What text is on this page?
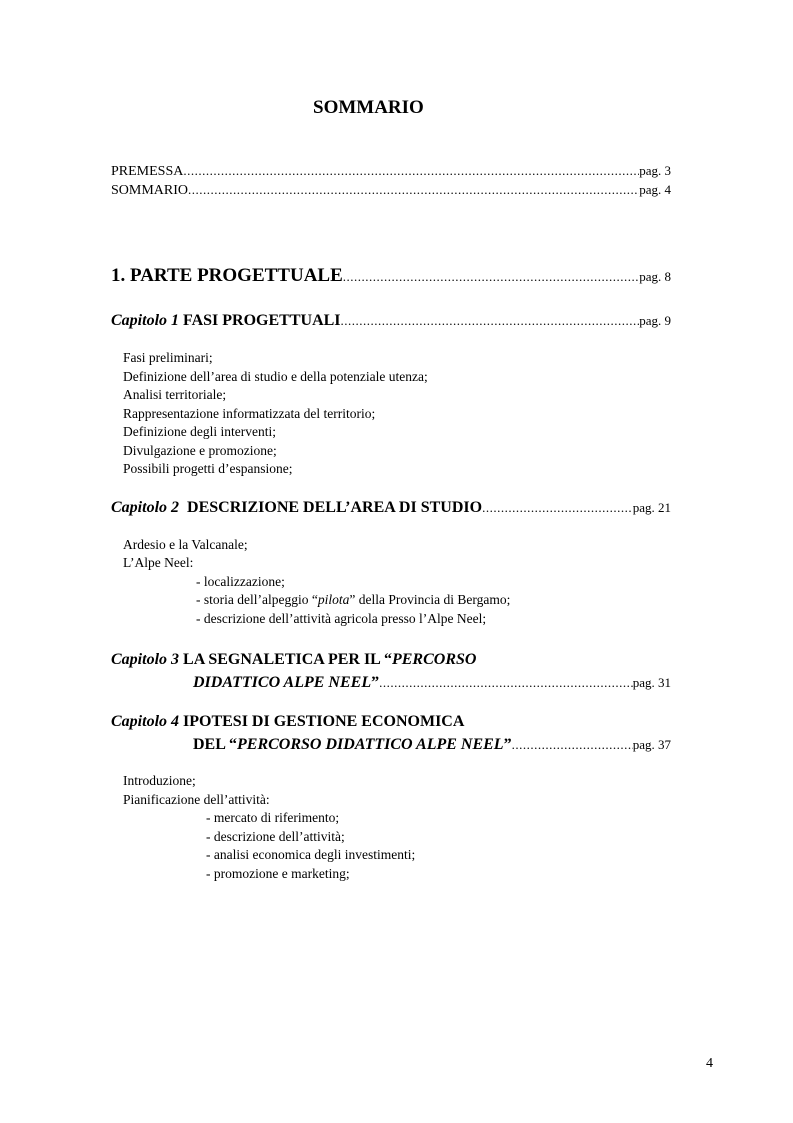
SOMMARIO
PREMESSA .....	pag. 3
SOMMARIO .....	pag. 4
1. PARTE PROGETTUALE .....	pag. 8
Capitolo 1 FASI PROGETTUALI .....	pag. 9
Fasi preliminari;
Definizione dell’area di studio e della potenziale utenza;
Analisi territoriale;
Rappresentazione informatizzata del territorio;
Definizione degli interventi;
Divulgazione e promozione;
Possibili progetti d’espansione;
Capitolo 2  DESCRIZIONE DELL’AREA DI STUDIO .....	pag. 21
Ardesio e la Valcanale;
L’Alpe Neel:
- localizzazione;
- storia dell’alpeggio “pilota” della Provincia di Bergamo;
- descrizione dell’attività agricola presso l’Alpe Neel;
Capitolo 3 LA SEGNALETICA PER IL “PERCORSO
DIDATTICO ALPE NEEL” .....	pag. 31
Capitolo 4 IPOTESI DI GESTIONE ECONOMICA
DEL “PERCORSO DIDATTICO ALPE NEEL” .....	pag. 37
Introduzione;
Pianificazione dell’attività:
- mercato di riferimento;
- descrizione dell’attività;
- analisi economica degli investimenti;
- promozione e marketing;
4
